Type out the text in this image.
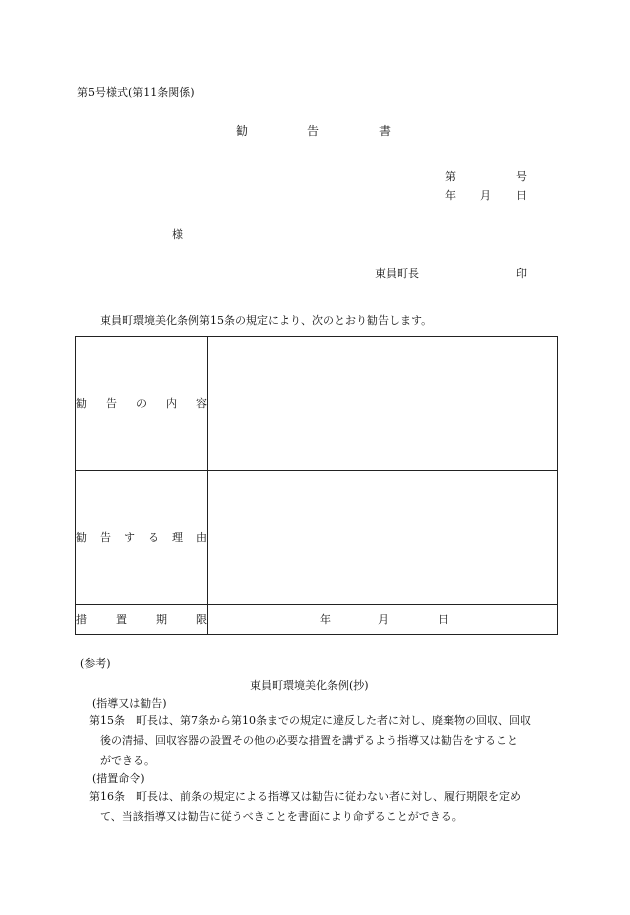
第5号様式(第11条関係)
勧	告	書
第	号
年 月 日
様
東員町長	印
東員町環境美化条例第15条の規定により、次のとおり勧告します。
勧 告 の 内 容	

勧告する理由	

措 置 期 限	年 月 日
(参考)
東員町環境美化条例(抄)
(指導又は勧告)
第15条　町長は、第7条から第10条までの規定に違反した者に対し、廃棄物の回収、回収
後の清掃、回収容器の設置その他の必要な措置を講ずるよう指導又は勧告をすること
ができる。
(措置命令)
第16条　町長は、前条の規定による指導又は勧告に従わない者に対し、履行期限を定め
て、当該指導又は勧告に従うべきことを書面により命ずることができる。
